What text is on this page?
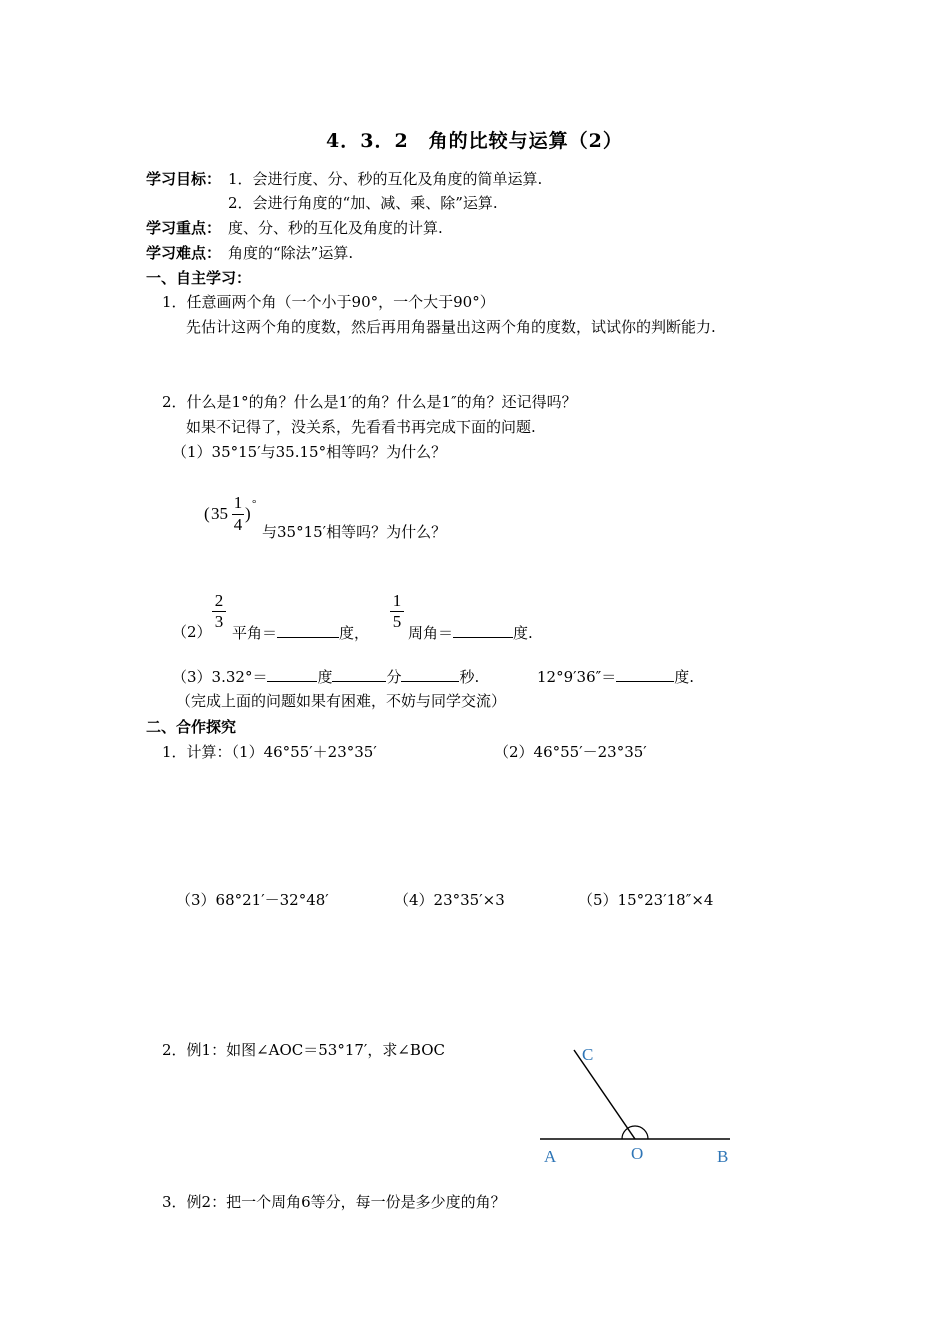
4．3．2　角的比较与运算（2）
学习目标： 1．会进行度、分、秒的互化及角度的简单运算.
2．会进行角度的“加、减、乘、除”运算.
学习重点： 度、分、秒的互化及角度的计算.
学习难点： 角度的“除法”运算.
一、自主学习：
1．任意画两个角（一个小于90°，一个大于90°）
先估计这两个角的度数，然后再用角器量出这两个角的度数，试试你的判断能力.
2．什么是1°的角？什么是1′的角？什么是1″的角？还记得吗？
如果不记得了，没关系，先看看书再完成下面的问题.
（1）35°15′与35.15°相等吗？为什么？
( 35
1
4
) °
与35°15′相等吗？为什么？
（2）
2
3
平角＝	度，
1
5
周角＝	度.
（3）3.32°＝	度	分	秒.	12°9′36″＝	度.
（完成上面的问题如果有困难，不妨与同学交流）
二、合作探究
1．计算：（1）46°55′＋23°35′	（2）46°55′－23°35′
（3）68°21′－32°48′	（4）23°35′×3	（5）15°23′18″×4
2．例1：如图∠AOC＝53°17′，求∠BOC	C
A	O	B
3．例2：把一个周角6等分，每一份是多少度的角？
